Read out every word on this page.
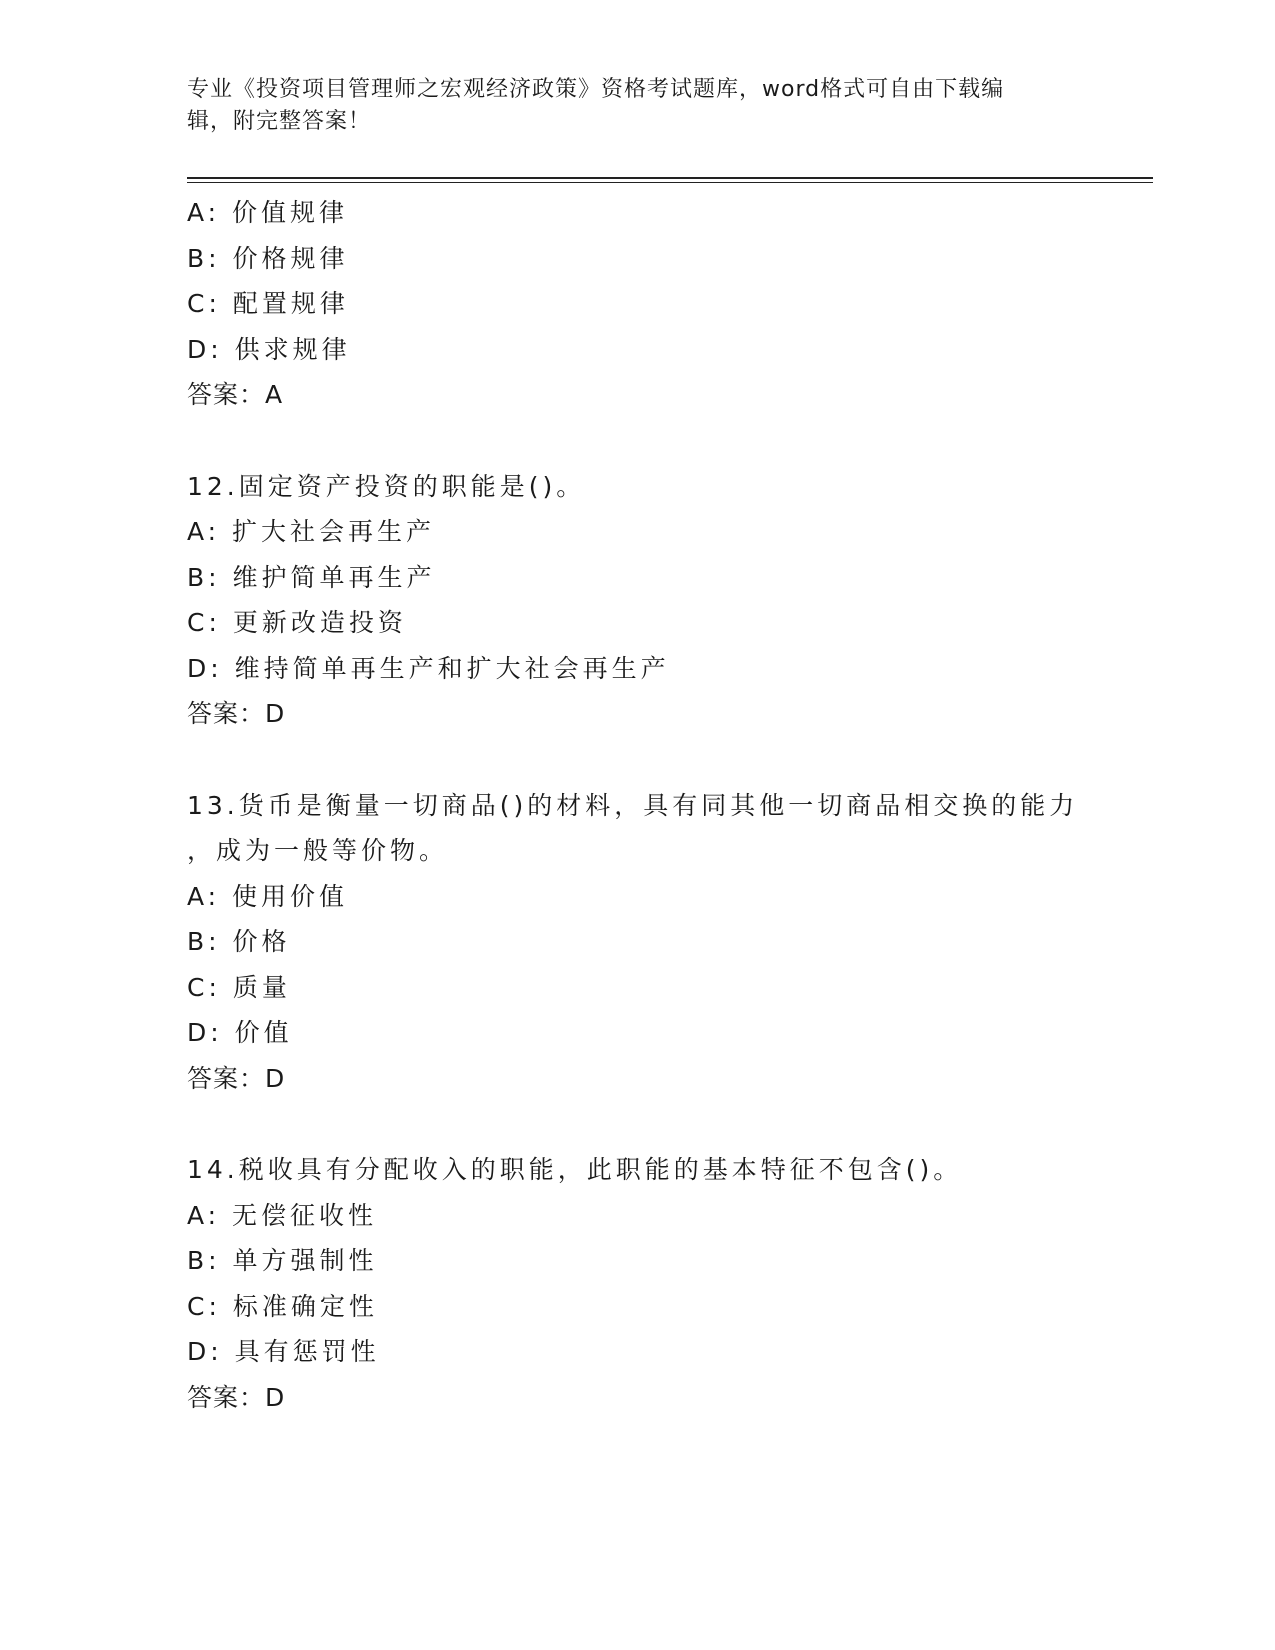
专业《投资项目管理师之宏观经济政策》资格考试题库，word格式可自由下载编
辑，附完整答案！
A: 价值规律
B: 价格规律
C: 配置规律
D: 供求规律
答案：A
12.固定资产投资的职能是()。
A: 扩大社会再生产
B: 维护简单再生产
C: 更新改造投资
D: 维持简单再生产和扩大社会再生产
答案：D
13.货币是衡量一切商品()的材料，具有同其他一切商品相交换的能力
，成为一般等价物。
A: 使用价值
B: 价格
C: 质量
D: 价值
答案：D
14.税收具有分配收入的职能，此职能的基本特征不包含()。
A: 无偿征收性
B: 单方强制性
C: 标准确定性
D: 具有惩罚性
答案：D
